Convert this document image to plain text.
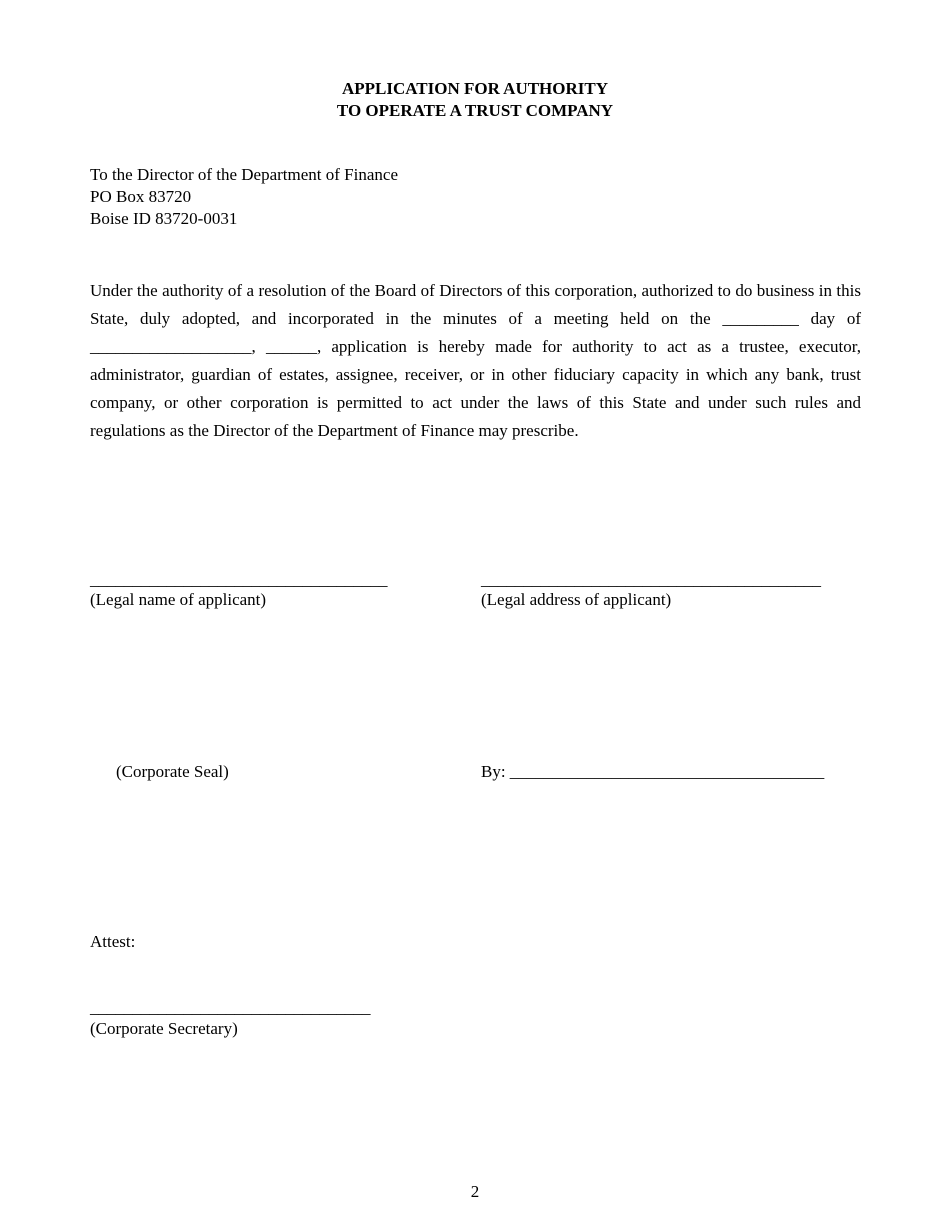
APPLICATION FOR AUTHORITY
TO OPERATE A TRUST COMPANY
To the Director of the Department of Finance
PO Box 83720
Boise ID 83720-0031
Under the authority of a resolution of the Board of Directors of this corporation, authorized to do business in this State, duly adopted, and incorporated in the minutes of a meeting held on the _________ day of ___________________, ______, application is hereby made for authority to act as a trustee, executor, administrator, guardian of estates, assignee, receiver, or in other fiduciary capacity in which any bank, trust company, or other corporation is permitted to act under the laws of this State and under such rules and regulations as the Director of the Department of Finance may prescribe.
___________________________________
(Legal name of applicant)
________________________________________
(Legal address of applicant)
(Corporate Seal)	By: _____________________________________
Attest:
_________________________________
(Corporate Secretary)
2
